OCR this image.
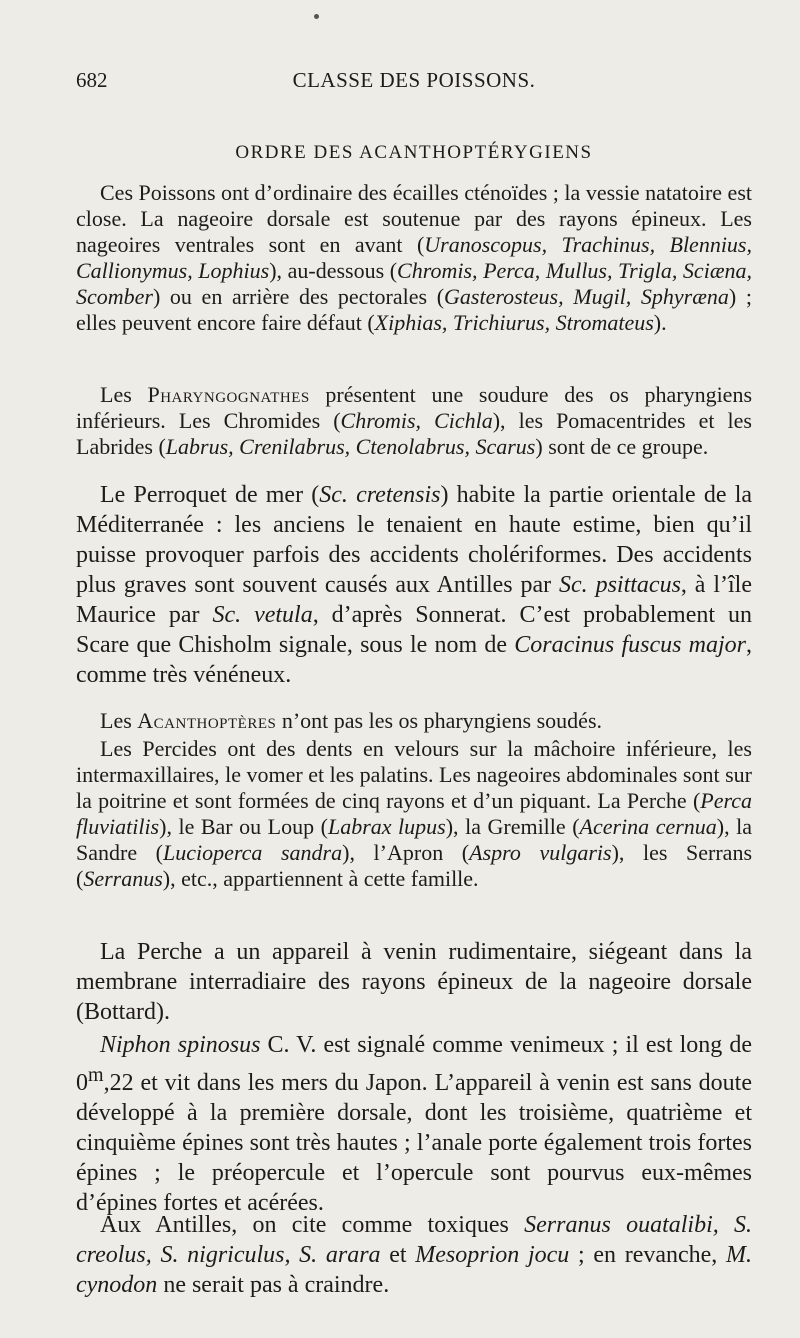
682	CLASSE DES POISSONS.
ORDRE DES ACANTHOPTÉRYGIENS

Ces Poissons ont d’ordinaire des écailles cténoïdes ; la vessie natatoire est close. La nageoire dorsale est soutenue par des rayons épineux. Les nageoires ventrales sont en avant (Uranoscopus, Trachinus, Blennius, Callionymus, Lophius), au-dessous (Chromis, Perca, Mullus, Trigla, Sciæna, Scomber) ou en arrière des pectorales (Gasterosteus, Mugil, Sphyræna) ; elles peuvent encore faire défaut (Xiphias, Trichiurus, Stromateus).

Les Pharyngognathes présentent une soudure des os pharyngiens inférieurs. Les Chromides (Chromis, Cichla), les Pomacentrides et les Labrides (Labrus, Crenilabrus, Ctenolabrus, Scarus) sont de ce groupe.

Le Perroquet de mer (Sc. cretensis) habite la partie orientale de la Méditerranée : les anciens le tenaient en haute estime, bien qu’il puisse provoquer parfois des accidents cholériformes. Des accidents plus graves sont souvent causés aux Antilles par Sc. psittacus, à l’île Maurice par Sc. vetula, d’après Sonnerat. C’est probablement un Scare que Chisholm signale, sous le nom de Coracinus fuscus major, comme très vénéneux.

Les Acanthoptères n’ont pas les os pharyngiens soudés.

Les Percides ont des dents en velours sur la mâchoire inférieure, les intermaxillaires, le vomer et les palatins. Les nageoires abdominales sont sur la poitrine et sont formées de cinq rayons et d’un piquant. La Perche (Perca fluviatilis), le Bar ou Loup (Labrax lupus), la Gremille (Acerina cernua), la Sandre (Lucioperca sandra), l’Apron (Aspro vulgaris), les Serrans (Serranus), etc., appartiennent à cette famille.

La Perche a un appareil à venin rudimentaire, siégeant dans la membrane interradiaire des rayons épineux de la nageoire dorsale (Bottard).

Niphon spinosus C. V. est signalé comme venimeux ; il est long de 0$^m$,22 et vit dans les mers du Japon. L’appareil à venin est sans doute développé à la première dorsale, dont les troisième, quatrième et cinquième épines sont très hautes ; l’anale porte également trois fortes épines ; le préopercule et l’opercule sont pourvus eux-mêmes d’épines fortes et acérées.

Aux Antilles, on cite comme toxiques Serranus ouatalibi, S. creolus, S. nigriculus, S. arara et Mesoprion jocu ; en revanche, M. cynodon ne serait pas à craindre.
